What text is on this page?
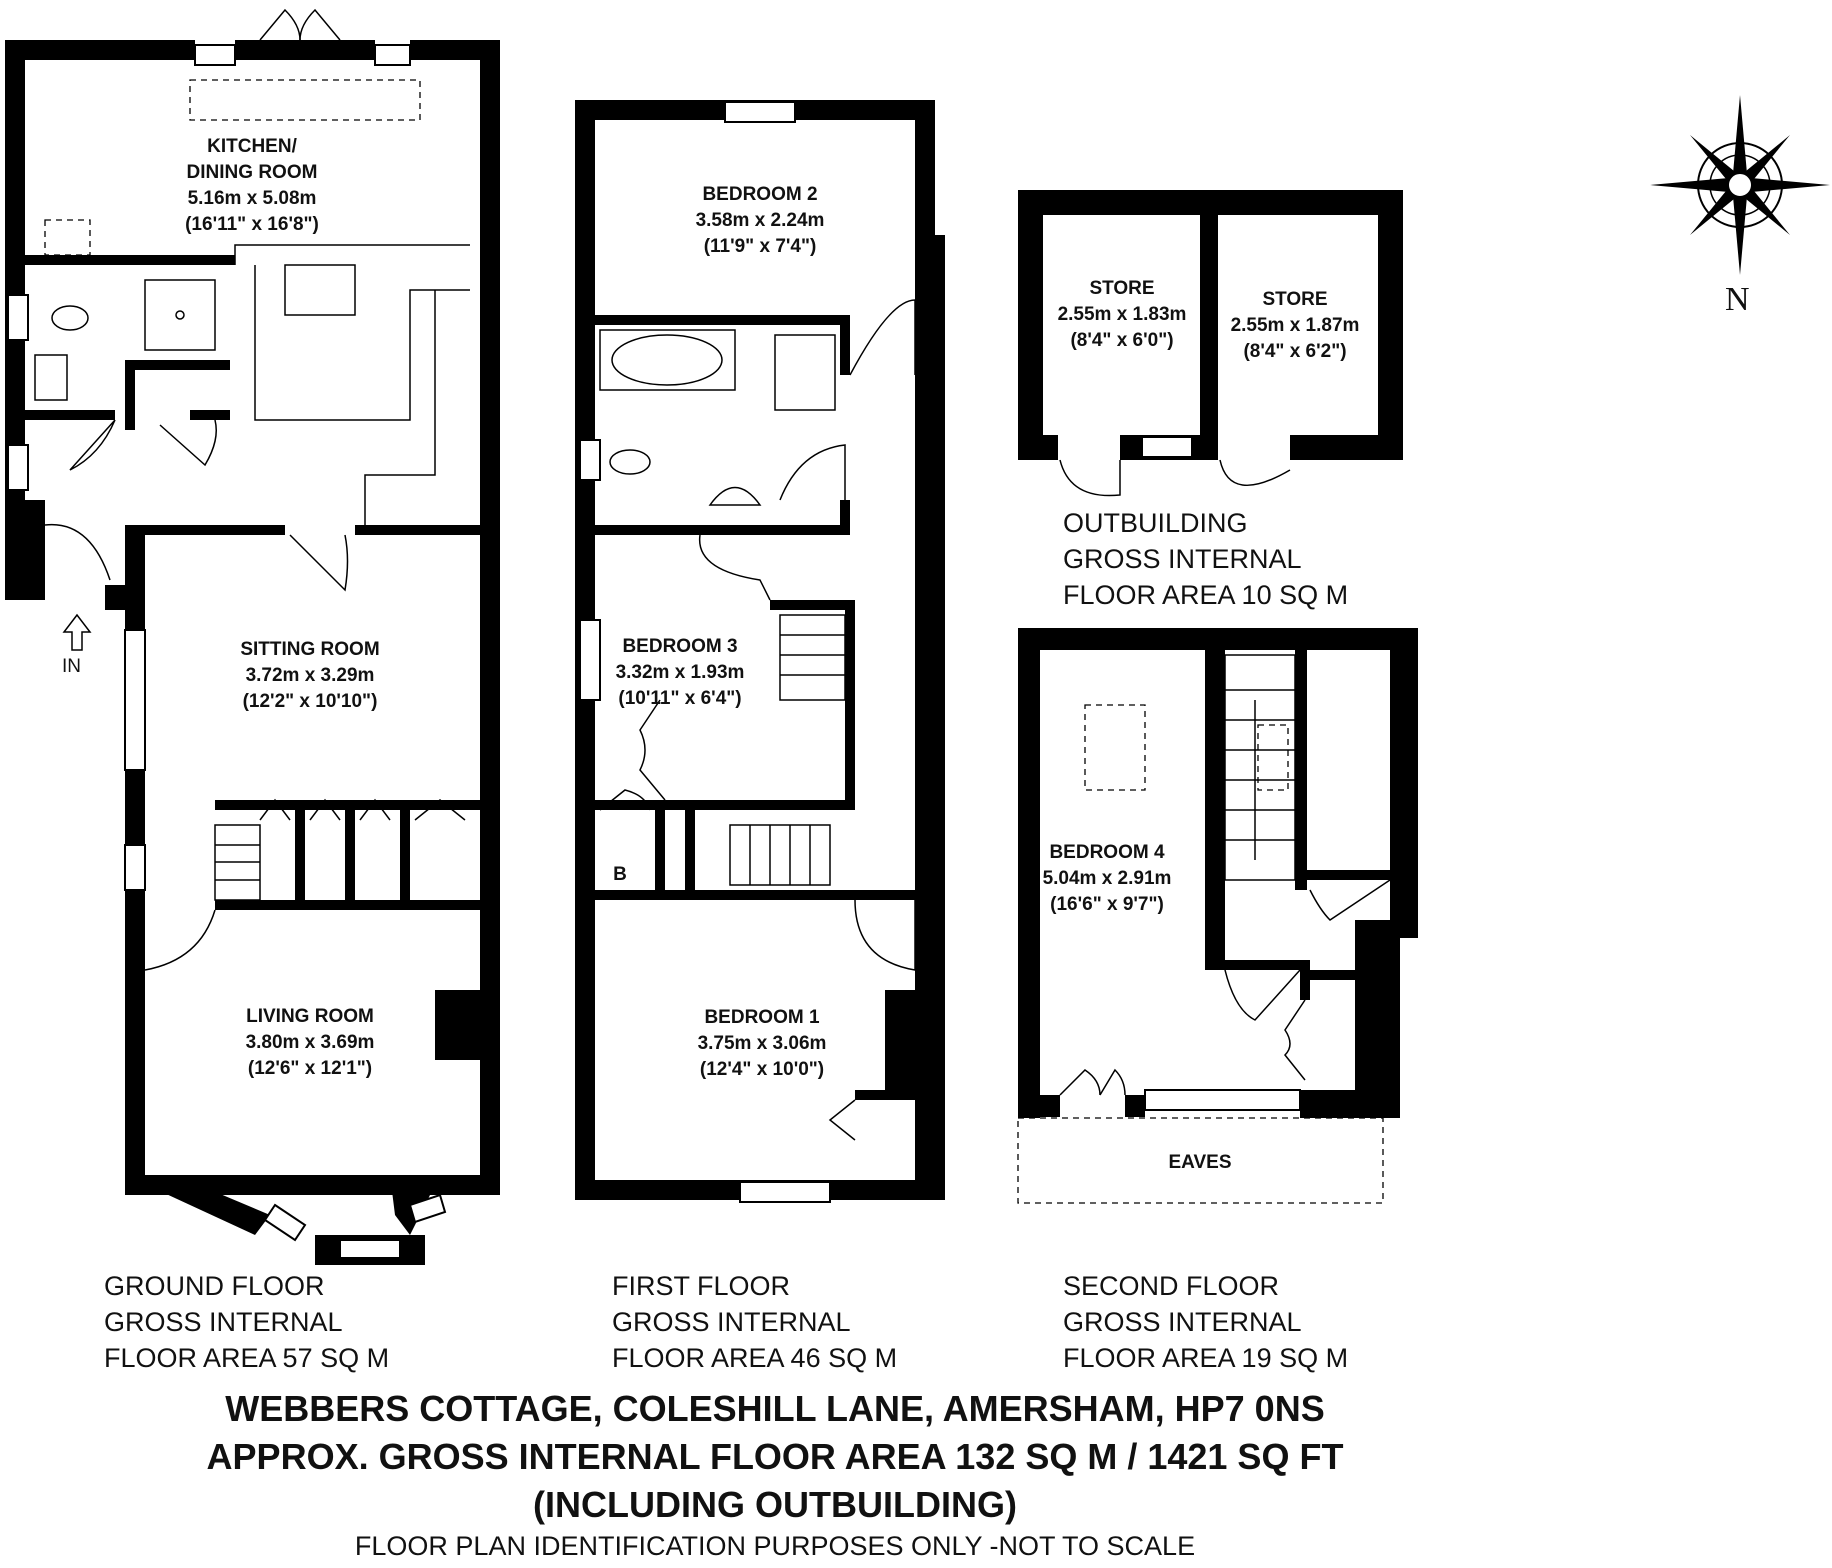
N
KITCHEN/
DINING ROOM
5.16m x 5.08m
(16'11" x 16'8")
SITTING ROOM
3.72m x 3.29m
(12'2" x 10'10")
LIVING ROOM
3.80m x 3.69m
(12'6" x 12'1")
IN
BEDROOM 2
3.58m x 2.24m
(11'9" x 7'4")
BEDROOM 3
3.32m x 1.93m
(10'11" x 6'4")
B
BEDROOM 1
3.75m x 3.06m
(12'4" x 10'0")
STORE
2.55m x 1.83m
(8'4" x 6'0")
STORE
2.55m x 1.87m
(8'4" x 6'2")
BEDROOM 4
5.04m x 2.91m
(16'6" x 9'7")
EAVES
OUTBUILDING
GROSS INTERNAL
FLOOR AREA 10 SQ M
GROUND FLOOR
GROSS INTERNAL
FLOOR AREA 57 SQ M
FIRST FLOOR
GROSS INTERNAL
FLOOR AREA 46 SQ M
SECOND FLOOR
GROSS INTERNAL
FLOOR AREA 19 SQ M
WEBBERS COTTAGE, COLESHILL LANE, AMERSHAM, HP7 0NS
APPROX. GROSS INTERNAL FLOOR AREA 132 SQ M / 1421 SQ FT
(INCLUDING OUTBUILDING)
FLOOR PLAN IDENTIFICATION PURPOSES ONLY -NOT TO SCALE
